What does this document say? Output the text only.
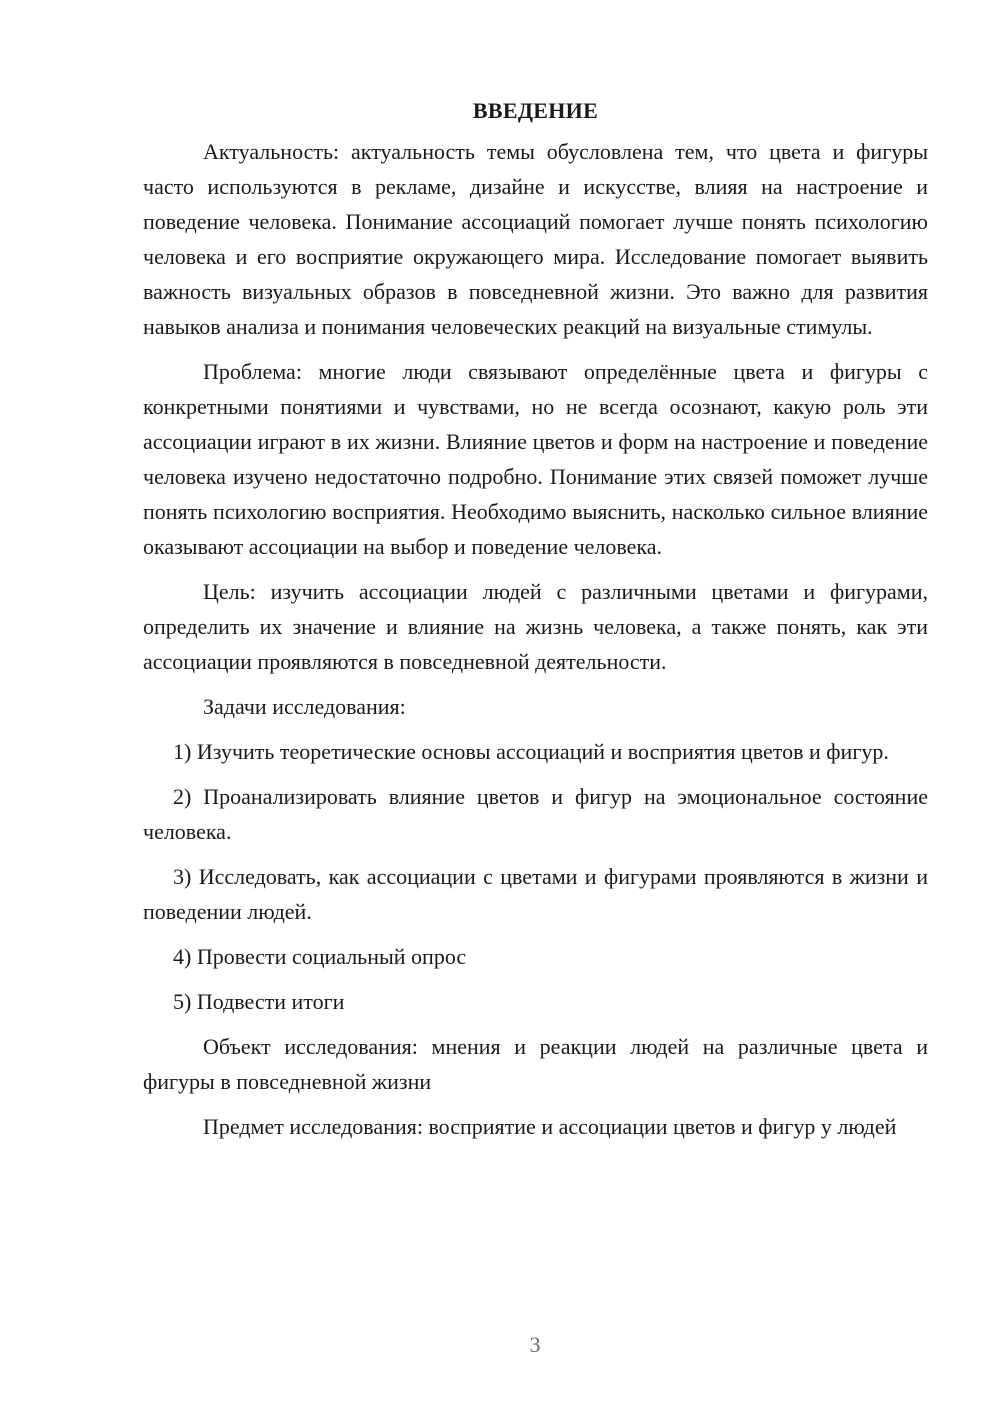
ВВЕДЕНИЕ

Актуальность: актуальность темы обусловлена тем, что цвета и фигуры часто используются в рекламе, дизайне и искусстве, влияя на настроение и поведение человека. Понимание ассоциаций помогает лучше понять психологию человека и его восприятие окружающего мира. Исследование помогает выявить важность визуальных образов в повседневной жизни. Это важно для развития навыков анализа и понимания человеческих реакций на визуальные стимулы.

Проблема: многие люди связывают определённые цвета и фигуры с конкретными понятиями и чувствами, но не всегда осознают, какую роль эти ассоциации играют в их жизни. Влияние цветов и форм на настроение и поведение человека изучено недостаточно подробно. Понимание этих связей поможет лучше понять психологию восприятия. Необходимо выяснить, насколько сильное влияние оказывают ассоциации на выбор и поведение человека.

Цель: изучить ассоциации людей с различными цветами и фигурами, определить их значение и влияние на жизнь человека, а также понять, как эти ассоциации проявляются в повседневной деятельности.

Задачи исследования:

1) Изучить теоретические основы ассоциаций и восприятия цветов и фигур.

2) Проанализировать влияние цветов и фигур на эмоциональное состояние человека.

3) Исследовать, как ассоциации с цветами и фигурами проявляются в жизни и поведении людей.

4) Провести социальный опрос

5) Подвести итоги

Объект исследования: мнения и реакции людей на различные цвета и фигуры в повседневной жизни

Предмет исследования: восприятие и ассоциации цветов и фигур у людей

3
